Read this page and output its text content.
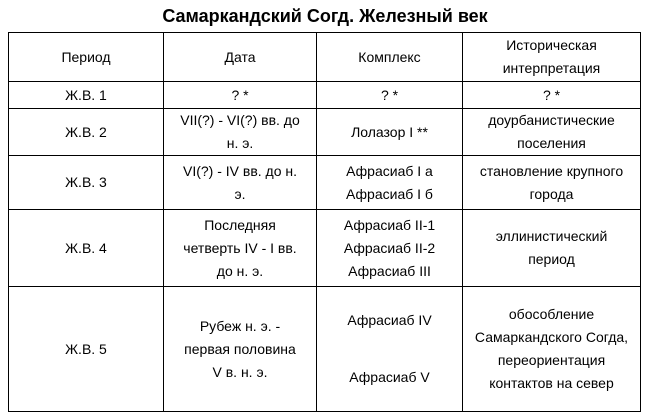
Самаркандский Согд. Железный век
Период	Дата	Комплекс	Историческая
интерпретация

Ж.В. 1	? *	? *	? *

Ж.В. 2	VII(?) - VI(?) вв. до
н. э.	Лолазор I **	доурбанистические
поселения

Ж.В. 3	VI(?) - IV вв. до н.
э.	Афрасиаб I а
Афрасиаб I б	становление крупного
города

Ж.В. 4	Последняя
четверть IV - I вв.
до н. э.	Афрасиаб II-1
Афрасиаб II-2
Афрасиаб III	эллинистический
период

Ж.В. 5	Рубеж н. э. -
первая половина
V в. н. э.	Афрасиаб IV
Афрасиаб V	обособление
Самаркандского Согда,
переориентация
контактов на север
